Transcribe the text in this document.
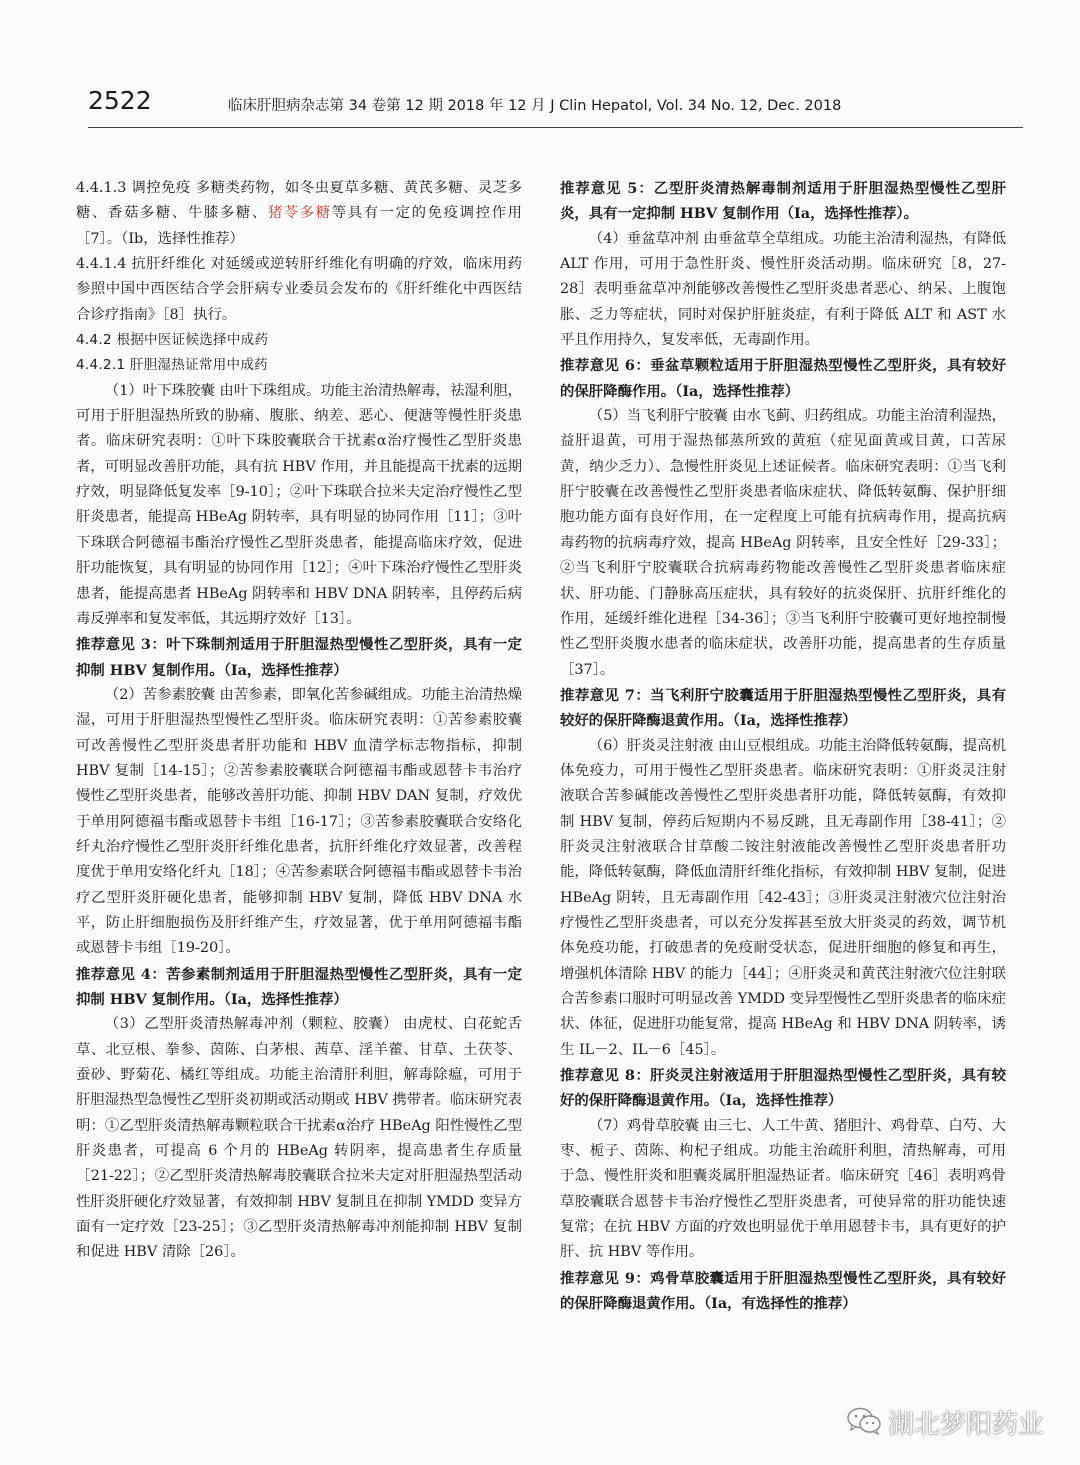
2522	临床肝胆病杂志第 34 卷第 12 期 2018 年 12 月 J Clin Hepatol, Vol. 34 No. 12, Dec. 2018

4.4.1.3 调控免疫 多糖类药物，如冬虫夏草多糖、黄芪多糖、灵芝多糖、香菇多糖、牛膝多糖、猪苓多糖等具有一定的免疫调控作用［7］。（Ⅰb，选择性推荐）

4.4.1.4 抗肝纤维化 对延缓或逆转肝纤维化有明确的疗效，临床用药参照中国中西医结合学会肝病专业委员会发布的《肝纤维化中西医结合诊疗指南》［8］执行。

4.4.2 根据中医证候选择中成药

4.4.2.1 肝胆湿热证常用中成药

（1）叶下珠胶囊 由叶下珠组成。功能主治清热解毒，祛湿利胆，可用于肝胆湿热所致的胁痛、腹胀、纳差、恶心、便溏等慢性肝炎患者。临床研究表明：①叶下珠胶囊联合干扰素α治疗慢性乙型肝炎患者，可明显改善肝功能，具有抗 HBV 作用，并且能提高干扰素的远期疗效，明显降低复发率［9-10］；②叶下珠联合拉米夫定治疗慢性乙型肝炎患者，能提高 HBeAg 阴转率，具有明显的协同作用［11］；③叶下珠联合阿德福韦酯治疗慢性乙型肝炎患者，能提高临床疗效，促进肝功能恢复，具有明显的协同作用［12］；④叶下珠治疗慢性乙型肝炎患者，能提高患者 HBeAg 阴转率和 HBV DNA 阴转率，且停药后病毒反弹率和复发率低，其远期疗效好［13］。

推荐意见 3：叶下珠制剂适用于肝胆湿热型慢性乙型肝炎，具有一定抑制 HBV 复制作用。（Ⅰa，选择性推荐）

（2）苦参素胶囊 由苦参素，即氧化苦参碱组成。功能主治清热燥湿，可用于肝胆湿热型慢性乙型肝炎。临床研究表明：①苦参素胶囊可改善慢性乙型肝炎患者肝功能和 HBV 血清学标志物指标，抑制 HBV 复制［14-15］；②苦参素胶囊联合阿德福韦酯或恩替卡韦治疗慢性乙型肝炎患者，能够改善肝功能、抑制 HBV DAN 复制，疗效优于单用阿德福韦酯或恩替卡韦组［16-17］；③苦参素胶囊联合安络化纤丸治疗慢性乙型肝炎肝纤维化患者，抗肝纤维化疗效显著，改善程度优于单用安络化纤丸［18］；④苦参素联合阿德福韦酯或恩替卡韦治疗乙型肝炎肝硬化患者，能够抑制 HBV 复制，降低 HBV DNA 水平，防止肝细胞损伤及肝纤维产生，疗效显著，优于单用阿德福韦酯或恩替卡韦组［19-20］。

推荐意见 4：苦参素制剂适用于肝胆湿热型慢性乙型肝炎，具有一定抑制 HBV 复制作用。（Ⅰa，选择性推荐）

（3）乙型肝炎清热解毒冲剂（颗粒、胶囊） 由虎杖、白花蛇舌草、北豆根、拳参、茵陈、白茅根、茜草、淫羊藿、甘草、土茯苓、蚕砂、野菊花、橘红等组成。功能主治清肝利胆，解毒除瘟，可用于肝胆湿热型急慢性乙型肝炎初期或活动期或 HBV 携带者。临床研究表明：①乙型肝炎清热解毒颗粒联合干扰素α治疗 HBeAg 阳性慢性乙型肝炎患者，可提高 6 个月的 HBeAg 转阴率，提高患者生存质量［21-22］；②乙型肝炎清热解毒胶囊联合拉米夫定对肝胆湿热型活动性肝炎肝硬化疗效显著，有效抑制 HBV 复制且在抑制 YMDD 变异方面有一定疗效［23-25］；③乙型肝炎清热解毒冲剂能抑制 HBV 复制和促进 HBV 清除［26］。

推荐意见 5：乙型肝炎清热解毒制剂适用于肝胆湿热型慢性乙型肝炎，具有一定抑制 HBV 复制作用（Ia，选择性推荐）。

（4）垂盆草冲剂 由垂盆草全草组成。功能主治清利湿热，有降低 ALT 作用，可用于急性肝炎、慢性肝炎活动期。临床研究［8，27-28］表明垂盆草冲剂能够改善慢性乙型肝炎患者恶心、纳呆、上腹饱胀、乏力等症状，同时对保护肝脏炎症，有利于降低 ALT 和 AST 水平且作用持久，复发率低，无毒副作用。

推荐意见 6：垂盆草颗粒适用于肝胆湿热型慢性乙型肝炎，具有较好的保肝降酶作用。（Ⅰa，选择性推荐）

（5）当飞利肝宁胶囊 由水飞蓟、归药组成。功能主治清利湿热，益肝退黄，可用于湿热郁蒸所致的黄疸（症见面黄或目黄，口苦尿黄，纳少乏力）、急慢性肝炎见上述证候者。临床研究表明：①当飞利肝宁胶囊在改善慢性乙型肝炎患者临床症状、降低转氨酶、保护肝细胞功能方面有良好作用，在一定程度上可能有抗病毒作用，提高抗病毒药物的抗病毒疗效，提高 HBeAg 阴转率，且安全性好［29-33］；②当飞利肝宁胶囊联合抗病毒药物能改善慢性乙型肝炎患者临床症状、肝功能、门静脉高压症状，具有较好的抗炎保肝、抗肝纤维化的作用，延缓纤维化进程［34-36］；③当飞利肝宁胶囊可更好地控制慢性乙型肝炎腹水患者的临床症状，改善肝功能，提高患者的生存质量［37］。

推荐意见 7：当飞利肝宁胶囊适用于肝胆湿热型慢性乙型肝炎，具有较好的保肝降酶退黄作用。（Ⅰa，选择性推荐）

（6）肝炎灵注射液 由山豆根组成。功能主治降低转氨酶，提高机体免疫力，可用于慢性乙型肝炎患者。临床研究表明：①肝炎灵注射液联合苦参碱能改善慢性乙型肝炎患者肝功能，降低转氨酶，有效抑制 HBV 复制，停药后短期内不易反跳，且无毒副作用［38-41］；②肝炎灵注射液联合甘草酸二铵注射液能改善慢性乙型肝炎患者肝功能，降低转氨酶，降低血清肝纤维化指标，有效抑制 HBV 复制，促进 HBeAg 阴转，且无毒副作用［42-43］；③肝炎灵注射液穴位注射治疗慢性乙型肝炎患者，可以充分发挥甚至放大肝炎灵的药效，调节机体免疫功能，打破患者的免疫耐受状态，促进肝细胞的修复和再生，增强机体清除 HBV 的能力［44］；④肝炎灵和黄芪注射液穴位注射联合苦参素口服时可明显改善 YMDD 变异型慢性乙型肝炎患者的临床症状、体征，促进肝功能复常，提高 HBeAg 和 HBV DNA 阴转率，诱生 IL－2、IL－6［45］。

推荐意见 8：肝炎灵注射液适用于肝胆湿热型慢性乙型肝炎，具有较好的保肝降酶退黄作用。（Ⅰa，选择性推荐）

（7）鸡骨草胶囊 由三七、人工牛黄、猪胆汁、鸡骨草、白芍、大枣、栀子、茵陈、枸杞子组成。功能主治疏肝利胆，清热解毒，可用于急、慢性肝炎和胆囊炎属肝胆湿热证者。临床研究［46］表明鸡骨草胶囊联合恩替卡韦治疗慢性乙型肝炎患者，可使异常的肝功能快速复常；在抗 HBV 方面的疗效也明显优于单用恩替卡韦，具有更好的护肝、抗 HBV 等作用。

推荐意见 9：鸡骨草胶囊适用于肝胆湿热型慢性乙型肝炎，具有较好的保肝降酶退黄作用。（Ⅰa，有选择性的推荐）

湖北梦阳药业
